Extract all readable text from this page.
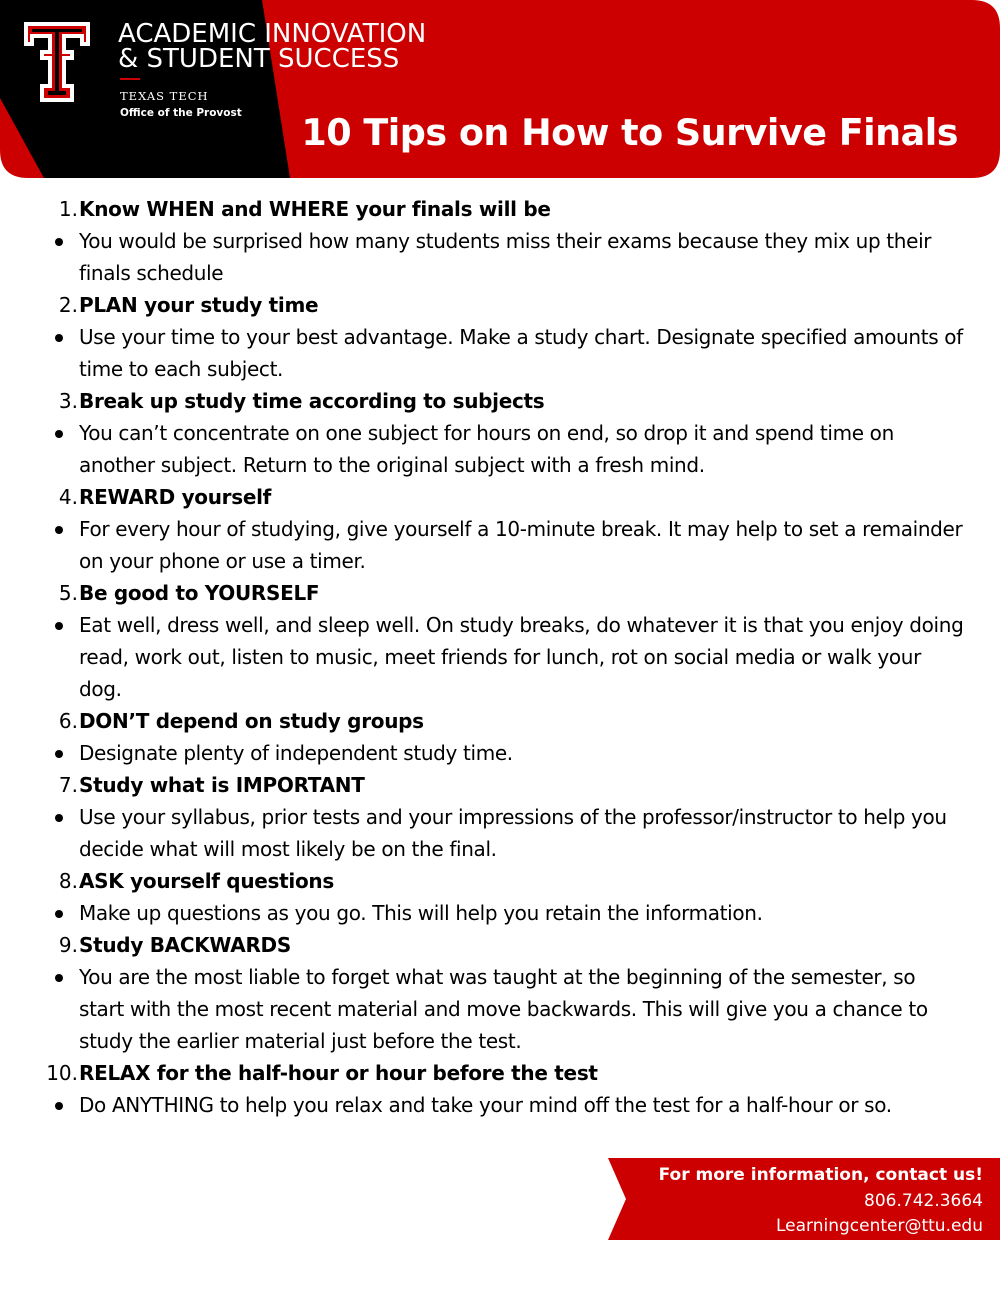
ACADEMIC INNOVATION
& STUDENT SUCCESS
TEXAS TECH
Office of the Provost 10 Tips on How to Survive Finals
1. Know WHEN and WHERE your finals will be
You would be surprised how many students miss their exams because they mix up their finals schedule
2. PLAN your study time
Use your time to your best advantage. Make a study chart. Designate specified amounts of time to each subject.
3. Break up study time according to subjects
You can’t concentrate on one subject for hours on end, so drop it and spend time on another subject. Return to the original subject with a fresh mind.
4. REWARD yourself
For every hour of studying, give yourself a 10-minute break. It may help to set a remainder on your phone or use a timer.
5. Be good to YOURSELF
Eat well, dress well, and sleep well. On study breaks, do whatever it is that you enjoy doing read, work out, listen to music, meet friends for lunch, rot on social media or walk your dog.
6. DON’T depend on study groups
Designate plenty of independent study time.
7. Study what is IMPORTANT
Use your syllabus, prior tests and your impressions of the professor/instructor to help you decide what will most likely be on the final.
8. ASK yourself questions
Make up questions as you go. This will help you retain the information.
9. Study BACKWARDS
You are the most liable to forget what was taught at the beginning of the semester, so start with the most recent material and move backwards. This will give you a chance to study the earlier material just before the test.
10. RELAX for the half-hour or hour before the test
Do ANYTHING to help you relax and take your mind off the test for a half-hour or so.
For more information, contact us!
806.742.3664
Learningcenter@ttu.edu
